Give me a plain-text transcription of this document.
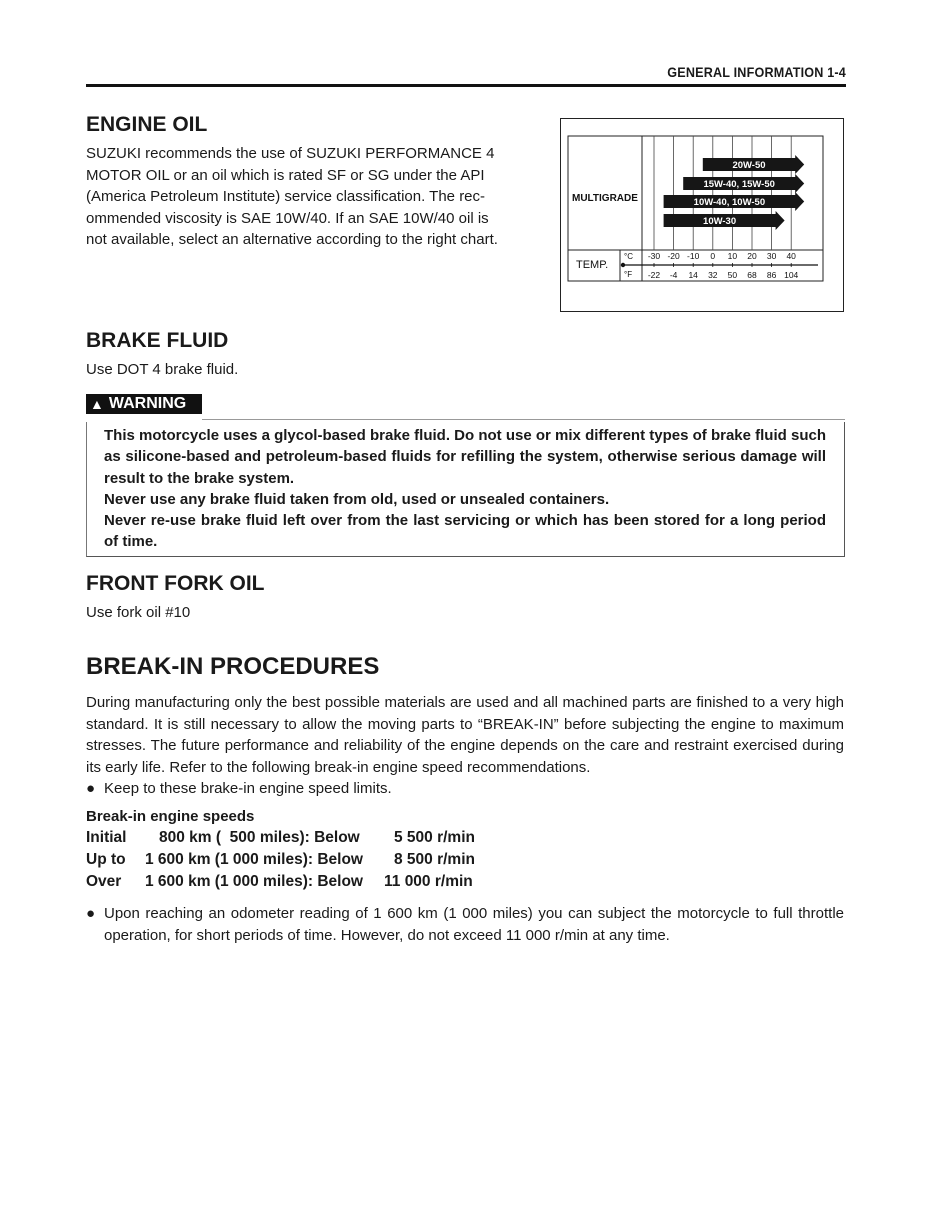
GENERAL INFORMATION 1-4
ENGINE OIL
SUZUKI recommends the use of SUZUKI PERFORMANCE 4
MOTOR OIL or an oil which is rated SF or SG under the API
(America Petroleum Institute) service classification. The rec-
ommended viscosity is SAE 10W/40. If an SAE 10W/40 oil is
not available, select an alternative according to the right chart.
20W-50
15W-40, 15W-50
10W-40, 10W-50
10W-30
MULTIGRADE
TEMP.
°C
°F
-30 -20 -10 0 10 20 30 40
-22 -4 14 32 50 68 86 104
BRAKE FLUID
Use DOT 4 brake fluid.
▲ WARNING

This motorcycle uses a glycol-based brake fluid. Do not use or mix different types of brake fluid such as silicone-based and petroleum-based fluids for refilling the system, otherwise serious damage will result to the brake system.

Never use any brake fluid taken from old, used or unsealed containers.

Never re-use brake fluid left over from the last servicing or which has been stored for a long period of time.

FRONT FORK OIL
Use fork oil #10
BREAK-IN PROCEDURES
During manufacturing only the best possible materials are used and all machined parts are finished to a very high standard. It is still necessary to allow the moving parts to “BREAK-IN” before subjecting the engine to maximum stresses. The future performance and reliability of the engine depends on the care and restraint exercised during its early life. Refer to the following break-in engine speed recommendations.
● Keep to these brake-in engine speed limits.
Break-in engine speeds
Initial 800 km (  500 miles): Below 5 500 r/min
Up to 1 600 km (1 000 miles): Below 8 500 r/min
Over 1 600 km (1 000 miles): Below 11 000 r/min
● Upon reaching an odometer reading of 1 600 km (1 000 miles) you can subject the motorcycle to full throttle operation, for short periods of time. However, do not exceed 11 000 r/min at any time.
